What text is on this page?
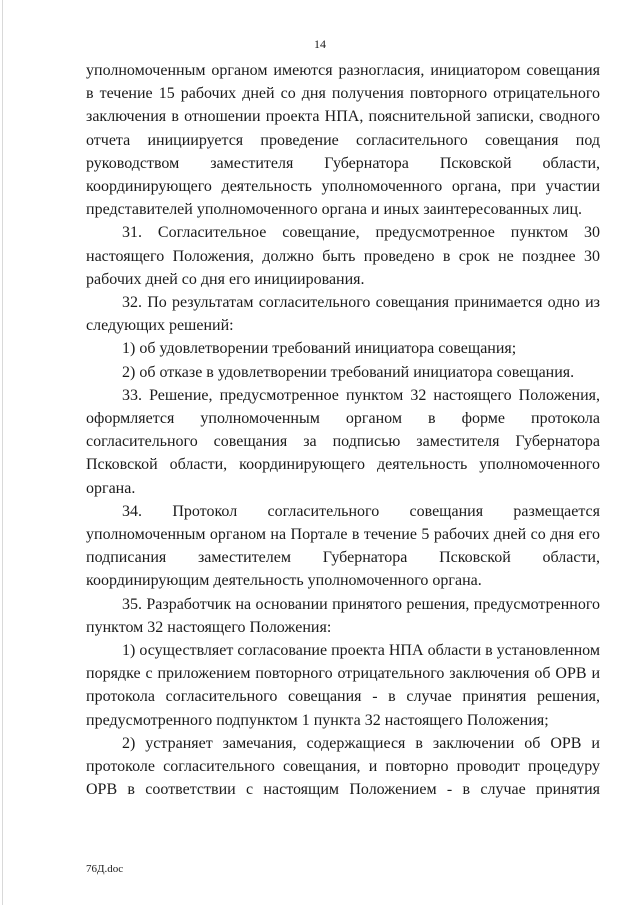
14

уполномоченным органом имеются разногласия, инициатором совещания в течение 15 рабочих дней со дня получения повторного отрицательного заключения в отношении проекта НПА, пояснительной записки, сводного отчета инициируется проведение согласительного совещания под руководством заместителя Губернатора Псковской области, координирующего деятельность уполномоченного органа, при участии представителей уполномоченного органа и иных заинтересованных лиц.

31. Согласительное совещание, предусмотренное пунктом 30 настоящего Положения, должно быть проведено в срок не позднее 30 рабочих дней со дня его инициирования.

32. По результатам согласительного совещания принимается одно из следующих решений:

1) об удовлетворении требований инициатора совещания;

2) об отказе в удовлетворении требований инициатора совещания.

33. Решение, предусмотренное пунктом 32 настоящего Положения, оформляется уполномоченным органом в форме протокола согласительного совещания за подписью заместителя Губернатора Псковской области, координирующего деятельность уполномоченного органа.

34. Протокол согласительного совещания размещается уполномоченным органом на Портале в течение 5 рабочих дней со дня его подписания заместителем Губернатора Псковской области, координирующим деятельность уполномоченного органа.

35. Разработчик на основании принятого решения, предусмотренного пунктом 32 настоящего Положения:

1) осуществляет согласование проекта НПА области в установленном порядке с приложением повторного отрицательного заключения об ОРВ и протокола согласительного совещания - в случае принятия решения, предусмотренного подпунктом 1 пункта 32 настоящего Положения;

2) устраняет замечания, содержащиеся в заключении об ОРВ и протоколе согласительного совещания, и повторно проводит процедуру ОРВ в соответствии с настоящим Положением - в случае принятия

76Д.doc
